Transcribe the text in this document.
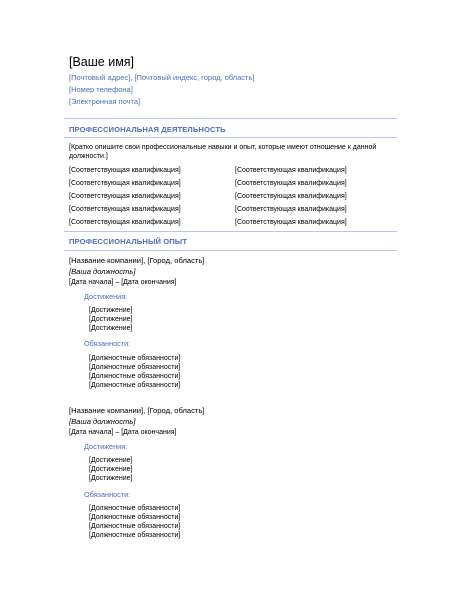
[Ваше имя]
[Почтовый адрес], [Почтовый индекс, город, область]
[Номер телефона]
[Электронная почта]
ПРОФЕССИОНАЛЬНАЯ ДЕЯТЕЛЬНОСТЬ
[Кратко опишите свои профессиональные навыки и опыт, которые имеют отношение к данной
должности.]
[Соответствующая квалификация]	[Соответствующая квалификация]
[Соответствующая квалификация]	[Соответствующая квалификация]
[Соответствующая квалификация]	[Соответствующая квалификация]
[Соответствующая квалификация]	[Соответствующая квалификация]
[Соответствующая квалификация]	[Соответствующая квалификация]
ПРОФЕССИОНАЛЬНЫЙ ОПЫТ
[Название компании], [Город, область]
[Ваша должность]
[Дата начала] – [Дата окончания]
Достижения:
[Достижение]
[Достижение]
[Достижение]
Обязанности:
[Должностные обязанности]
[Должностные обязанности]
[Должностные обязанности]
[Должностные обязанности]
[Название компании], [Город, область]
[Ваша должность]
[Дата начала] – [Дата окончания]
Достижения:
[Достижение]
[Достижение]
[Достижение]
Обязанности:
[Должностные обязанности]
[Должностные обязанности]
[Должностные обязанности]
[Должностные обязанности]
